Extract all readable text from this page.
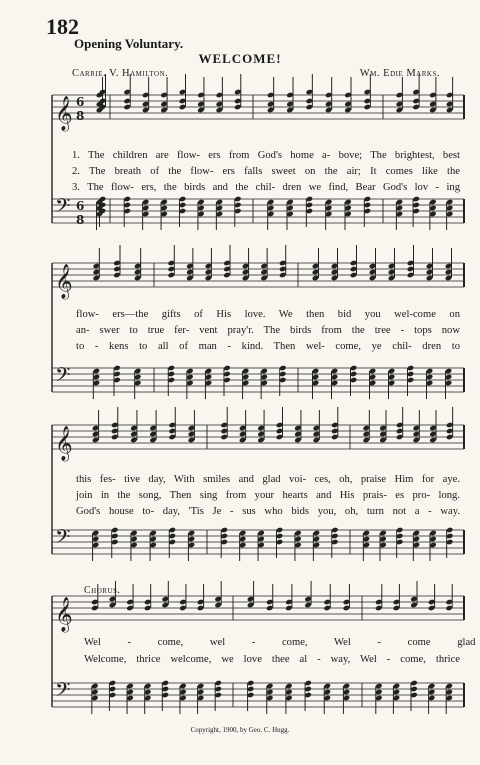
182
Opening Voluntary.
WELCOME!
Carrie. V. Hamilton.	Wm. Edie Marks.
1. The children are flow- ers from God's home a- bove; The brightest, best
2. The breath of the flow- ers falls sweet on the air; It comes like the
3. The flow- ers, the birds and the chil- dren we find, Bear God's lov - ing
flow- ers—the gifts of His love. We then bid you wel-come on
an- swer to true fer- vent pray'r. The birds from the tree - tops now
to - kens to all of man - kind. Then wel- come, ye chil- dren to
this fes- tive day, With smiles and glad voi- ces, oh, praise Him for aye.
join in the song, Then sing from your hearts and His prais- es pro- long.
God's house to- day, 'Tis Je - sus who bids you, oh, turn not a - way.
Chorus.
Wel - come, wel - come, Wel - come glad
Welcome, thrice welcome, we love thee al - way, Wel - come, thrice
Copyright, 1900, by Geo. C. Hugg.
𝄞 6
8
𝄢 6
8
𝄞
𝄢
𝄞
𝄢
𝄞
𝄢
